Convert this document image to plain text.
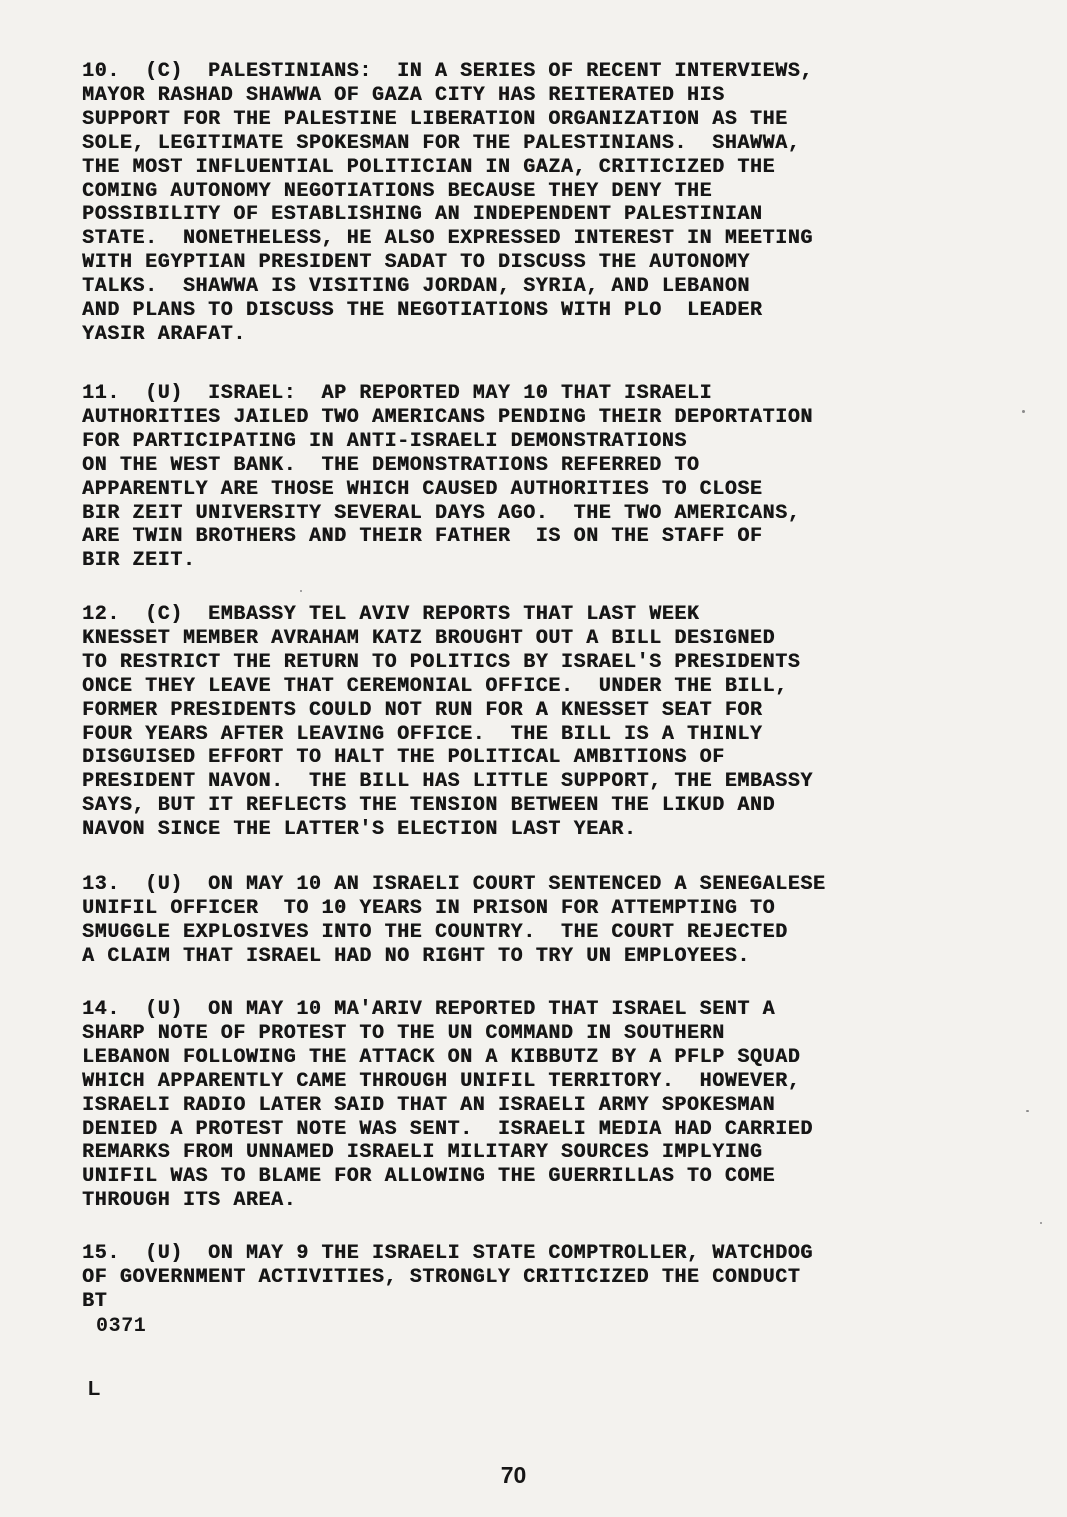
10.  (C)  PALESTINIANS:  IN A SERIES OF RECENT INTERVIEWS,
MAYOR RASHAD SHAWWA OF GAZA CITY HAS REITERATED HIS
SUPPORT FOR THE PALESTINE LIBERATION ORGANIZATION AS THE
SOLE, LEGITIMATE SPOKESMAN FOR THE PALESTINIANS.  SHAWWA,
THE MOST INFLUENTIAL POLITICIAN IN GAZA, CRITICIZED THE
COMING AUTONOMY NEGOTIATIONS BECAUSE THEY DENY THE
POSSIBILITY OF ESTABLISHING AN INDEPENDENT PALESTINIAN
STATE.  NONETHELESS, HE ALSO EXPRESSED INTEREST IN MEETING
WITH EGYPTIAN PRESIDENT SADAT TO DISCUSS THE AUTONOMY
TALKS.  SHAWWA IS VISITING JORDAN, SYRIA, AND LEBANON
AND PLANS TO DISCUSS THE NEGOTIATIONS WITH PLO  LEADER
YASIR ARAFAT.

11.  (U)  ISRAEL:  AP REPORTED MAY 10 THAT ISRAELI
AUTHORITIES JAILED TWO AMERICANS PENDING THEIR DEPORTATION
FOR PARTICIPATING IN ANTI-ISRAELI DEMONSTRATIONS
ON THE WEST BANK.  THE DEMONSTRATIONS REFERRED TO
APPARENTLY ARE THOSE WHICH CAUSED AUTHORITIES TO CLOSE
BIR ZEIT UNIVERSITY SEVERAL DAYS AGO.  THE TWO AMERICANS,
ARE TWIN BROTHERS AND THEIR FATHER  IS ON THE STAFF OF
BIR ZEIT.

12.  (C)  EMBASSY TEL AVIV REPORTS THAT LAST WEEK
KNESSET MEMBER AVRAHAM KATZ BROUGHT OUT A BILL DESIGNED
TO RESTRICT THE RETURN TO POLITICS BY ISRAEL'S PRESIDENTS
ONCE THEY LEAVE THAT CEREMONIAL OFFICE.  UNDER THE BILL,
FORMER PRESIDENTS COULD NOT RUN FOR A KNESSET SEAT FOR
FOUR YEARS AFTER LEAVING OFFICE.  THE BILL IS A THINLY
DISGUISED EFFORT TO HALT THE POLITICAL AMBITIONS OF
PRESIDENT NAVON.  THE BILL HAS LITTLE SUPPORT, THE EMBASSY
SAYS, BUT IT REFLECTS THE TENSION BETWEEN THE LIKUD AND
NAVON SINCE THE LATTER'S ELECTION LAST YEAR.

13.  (U)  ON MAY 10 AN ISRAELI COURT SENTENCED A SENEGALESE
UNIFIL OFFICER  TO 10 YEARS IN PRISON FOR ATTEMPTING TO
SMUGGLE EXPLOSIVES INTO THE COUNTRY.  THE COURT REJECTED
A CLAIM THAT ISRAEL HAD NO RIGHT TO TRY UN EMPLOYEES.

14.  (U)  ON MAY 10 MA'ARIV REPORTED THAT ISRAEL SENT A
SHARP NOTE OF PROTEST TO THE UN COMMAND IN SOUTHERN
LEBANON FOLLOWING THE ATTACK ON A KIBBUTZ BY A PFLP SQUAD
WHICH APPARENTLY CAME THROUGH UNIFIL TERRITORY.  HOWEVER,
ISRAELI RADIO LATER SAID THAT AN ISRAELI ARMY SPOKESMAN
DENIED A PROTEST NOTE WAS SENT.  ISRAELI MEDIA HAD CARRIED
REMARKS FROM UNNAMED ISRAELI MILITARY SOURCES IMPLYING
UNIFIL WAS TO BLAME FOR ALLOWING THE GUERRILLAS TO COME
THROUGH ITS AREA.

15.  (U)  ON MAY 9 THE ISRAELI STATE COMPTROLLER, WATCHDOG
OF GOVERNMENT ACTIVITIES, STRONGLY CRITICIZED THE CONDUCT
BT

0371
L
70
